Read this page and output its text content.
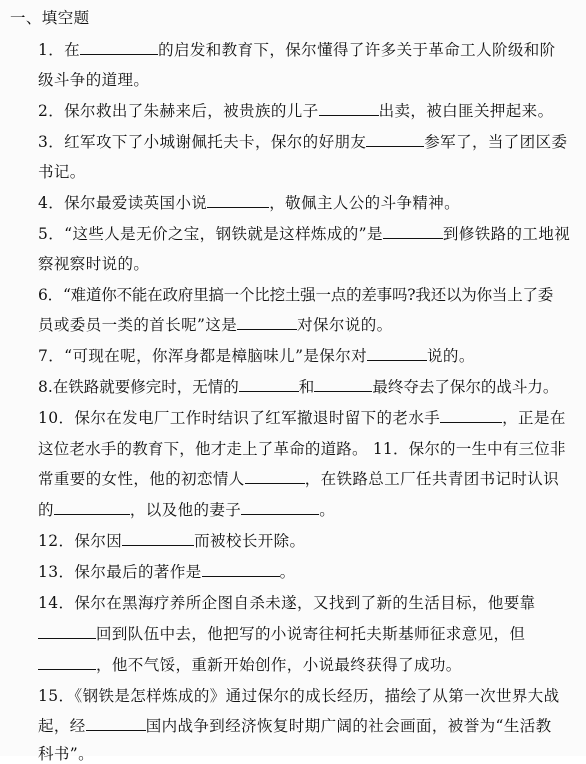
一、填空题
1．在	的启发和教育下，保尔懂得了许多关于革命工人阶级和阶
级斗争的道理。
2．保尔救出了朱赫来后，被贵族的儿子	出卖，被白匪关押起来。
3．红军攻下了小城谢佩托夫卡，保尔的好朋友	参军了，当了团区委
书记。
4．保尔最爱读英国小说	，敬佩主人公的斗争精神。
5．“这些人是无价之宝，钢铁就是这样炼成的”是	到修铁路的工地视
察视察时说的。
6．“难道你不能在政府里搞一个比挖土强一点的差事吗?我还以为你当上了委
员或委员一类的首长呢”这是	对保尔说的。
7．“可现在呢，你浑身都是樟脑味儿”是保尔对	说的。
8.在铁路就要修完时，无情的	和	最终夺去了保尔的战斗力。
10．保尔在发电厂工作时结识了红军撤退时留下的老水手	，正是在
这位老水手的教育下，他才走上了革命的道路。 11．保尔的一生中有三位非
常重要的女性，他的初恋情人	，在铁路总工厂任共青团书记时认识
的	，以及他的妻子	。
12．保尔因	而被校长开除。
13．保尔最后的著作是	。
14．保尔在黑海疗养所企图自杀未遂，又找到了新的生活目标，他要靠
回到队伍中去，他把写的小说寄往柯托夫斯基师征求意见，但
，他不气馁，重新开始创作，小说最终获得了成功。
15．《钢铁是怎样炼成的》通过保尔的成长经历，描绘了从第一次世界大战
起，经	国内战争到经济恢复时期广阔的社会画面，被誉为“生活教
科书”。
